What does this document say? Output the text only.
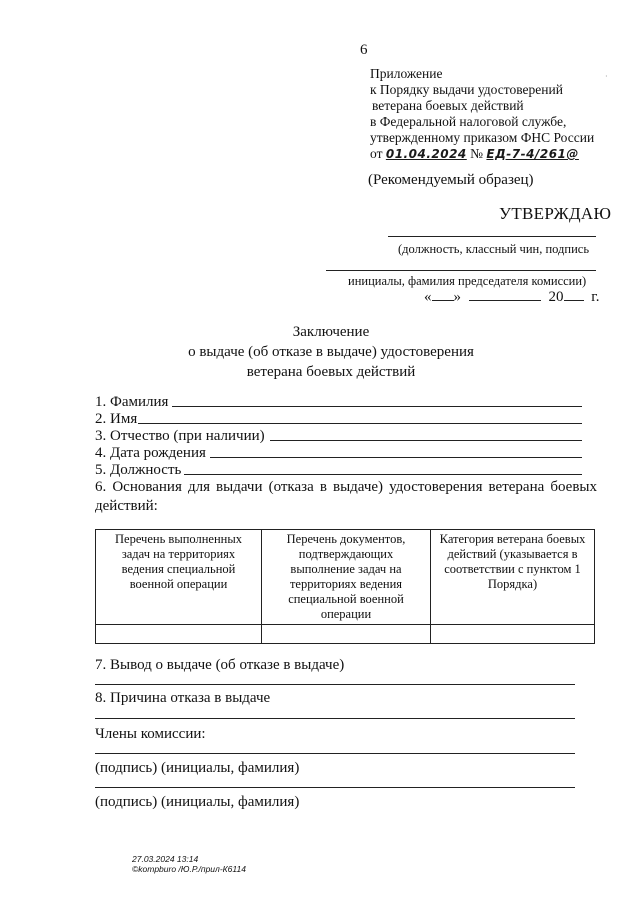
6
·
Приложение
к Порядку выдачи удостоверений
ветерана боевых действий
в Федеральной налоговой службе,
утвержденному приказом ФНС России
от 01.04.2024 № ЕД-7-4/261@
(Рекомендуемый образец)
УТВЕРЖДАЮ
(должность, классный чин, подпись
инициалы, фамилия председателя комиссии)
« »	20 г.
Заключение
о выдаче (об отказе в выдаче) удостоверения
ветерана боевых действий
1. Фамилия
2. Имя
3. Отчество (при наличии)
4. Дата рождения
5. Должность
6. Основания для выдачи (отказа в выдаче) удостоверения ветерана боевых действий:
Перечень выполненных задач на территориях ведения специальной военной операции	Перечень документов, подтверждающих выполнение задач на территориях ведения специальной военной операции	Категория ветерана боевых действий (указывается в соответствии с пунктом 1 Порядка)

7. Вывод о выдаче (об отказе в выдаче)
8. Причина отказа в выдаче
Члены комиссии:
(подпись) (инициалы, фамилия)
(подпись) (инициалы, фамилия)
27.03.2024 13:14
©kompburo /Ю.Р./прил-К6114
